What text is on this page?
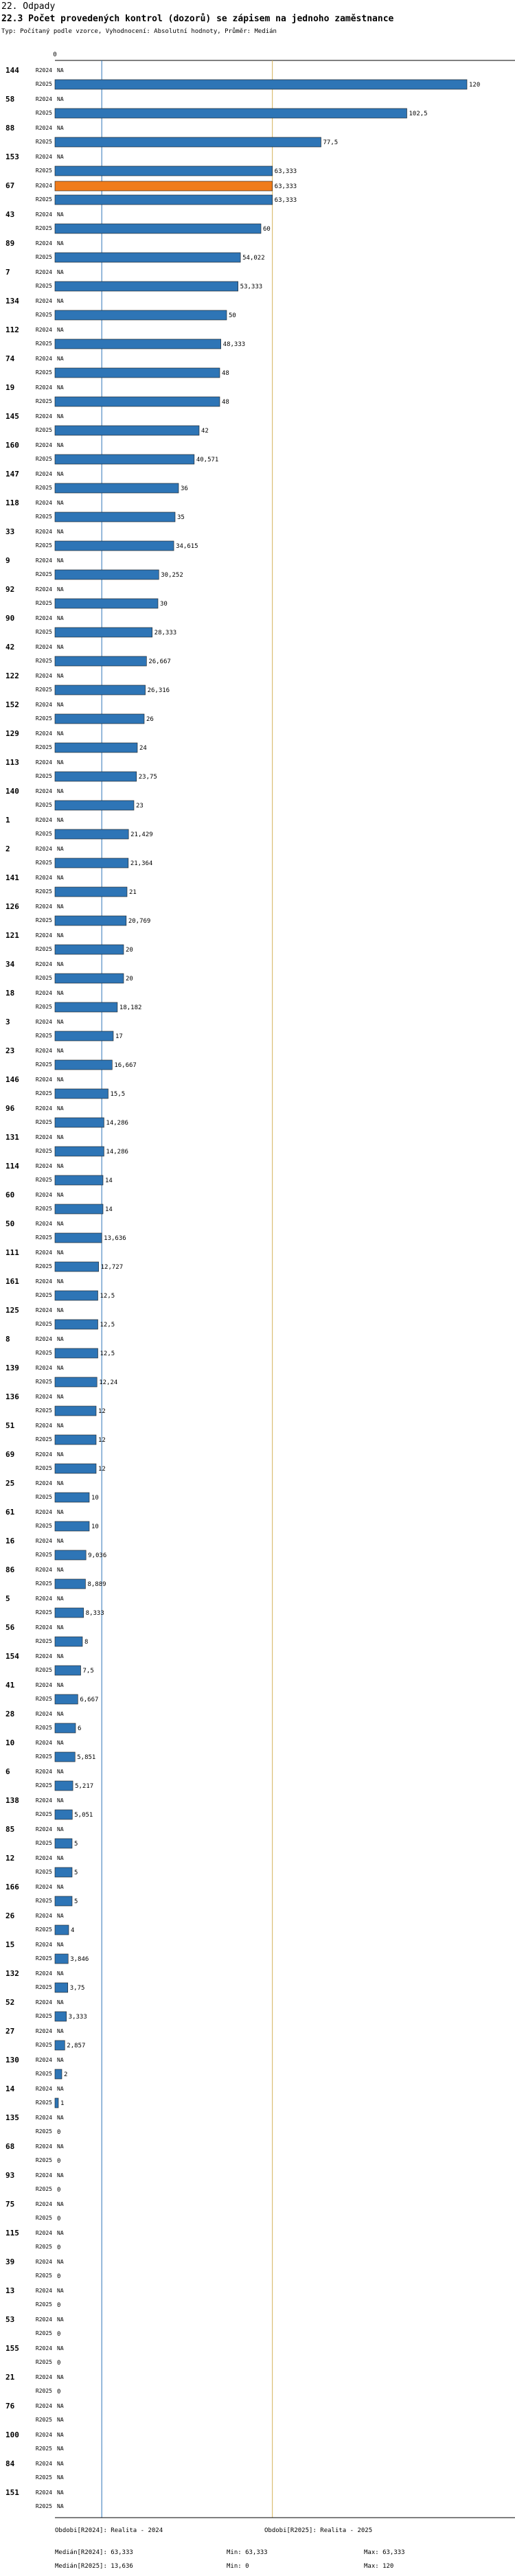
22. Odpady
22.3 Počet provedených kontrol (dozorů) se zápisem na jednoho zaměstnance
Typ: Počítaný podle vzorce, Vyhodnocení: Absolutní hodnoty, Průměr: Medián
0
144	R2024 NA
R2025	120
58	R2024 NA
R2025	102,5
88	R2024 NA
R2025	77,5
153	R2024 NA
R2025	63,333
67	R2024	63,333
R2025	63,333
43	R2024 NA
R2025	60
89	R2024 NA
R2025	54,022
7	R2024 NA
R2025	53,333
134	R2024 NA
R2025	50
112	R2024 NA
R2025	48,333
74	R2024 NA
R2025	48
19	R2024 NA
R2025	48
145	R2024 NA
R2025	42
160	R2024 NA
R2025	40,571
147	R2024 NA
R2025	36
118	R2024 NA
R2025	35
33	R2024 NA
R2025	34,615
9	R2024 NA
R2025	30,252
92	R2024 NA
R2025	30
90	R2024 NA
R2025	28,333
42	R2024 NA
R2025	26,667
122	R2024 NA
R2025	26,316
152	R2024 NA
R2025	26
129	R2024 NA
R2025	24
113	R2024 NA
R2025	23,75
140	R2024 NA
R2025	23
1	R2024 NA
R2025	21,429
2	R2024 NA
R2025	21,364
141	R2024 NA
R2025	21
126	R2024 NA
R2025	20,769
121	R2024 NA
R2025	20
34	R2024 NA
R2025	20
18	R2024 NA
R2025	18,182
3	R2024 NA
R2025	17
23	R2024 NA
R2025	16,667
146	R2024 NA
R2025	15,5
96	R2024 NA
R2025	14,286
131	R2024 NA
R2025	14,286
114	R2024 NA
R2025	14
60	R2024 NA
R2025	14
50	R2024 NA
R2025	13,636
111	R2024 NA
R2025	12,727
161	R2024 NA
R2025	12,5
125	R2024 NA
R2025	12,5
8	R2024 NA
R2025	12,5
139	R2024 NA
R2025	12,24
136	R2024 NA
R2025	12
51	R2024 NA
R2025	12
69	R2024 NA
R2025	12
25	R2024 NA
R2025	10
61	R2024 NA
R2025	10
16	R2024 NA
R2025	9,036
86	R2024 NA
R2025	8,889
5	R2024 NA
R2025	8,333
56	R2024 NA
R2025	8
154	R2024 NA
R2025	7,5
41	R2024 NA
R2025	6,667
28	R2024 NA
R2025	6
10	R2024 NA
R2025	5,851
6	R2024 NA
R2025	5,217
138	R2024 NA
R2025	5,051
85	R2024 NA
R2025	5
12	R2024 NA
R2025	5
166	R2024 NA
R2025	5
26	R2024 NA
R2025	4
15	R2024 NA
R2025	3,846
132	R2024 NA
R2025	3,75
52	R2024 NA
R2025	3,333
27	R2024 NA
R2025 2,857
130	R2024 NA
R2025 2
14	R2024 NA
R2025 1
135	R2024 NA
R2025 0
68	R2024 NA
R2025 0
93	R2024 NA
R2025 0
75	R2024 NA
R2025 0
115	R2024 NA
R2025 0
39	R2024 NA
R2025 0
13	R2024 NA
R2025 0
53	R2024 NA
R2025 0
155	R2024 NA
R2025 0
21	R2024 NA
R2025 0
76	R2024 NA
R2025 NA
100	R2024 NA
R2025 NA
84	R2024 NA
R2025 NA
151	R2024 NA
R2025 NA
Obdobi[R2024]: Realita - 2024	Obdobi[R2025]: Realita - 2025
Medián[R2024]: 63,333	Min: 63,333	Max: 63,333
Medián[R2025]: 13,636	Min: 0	Max: 120
